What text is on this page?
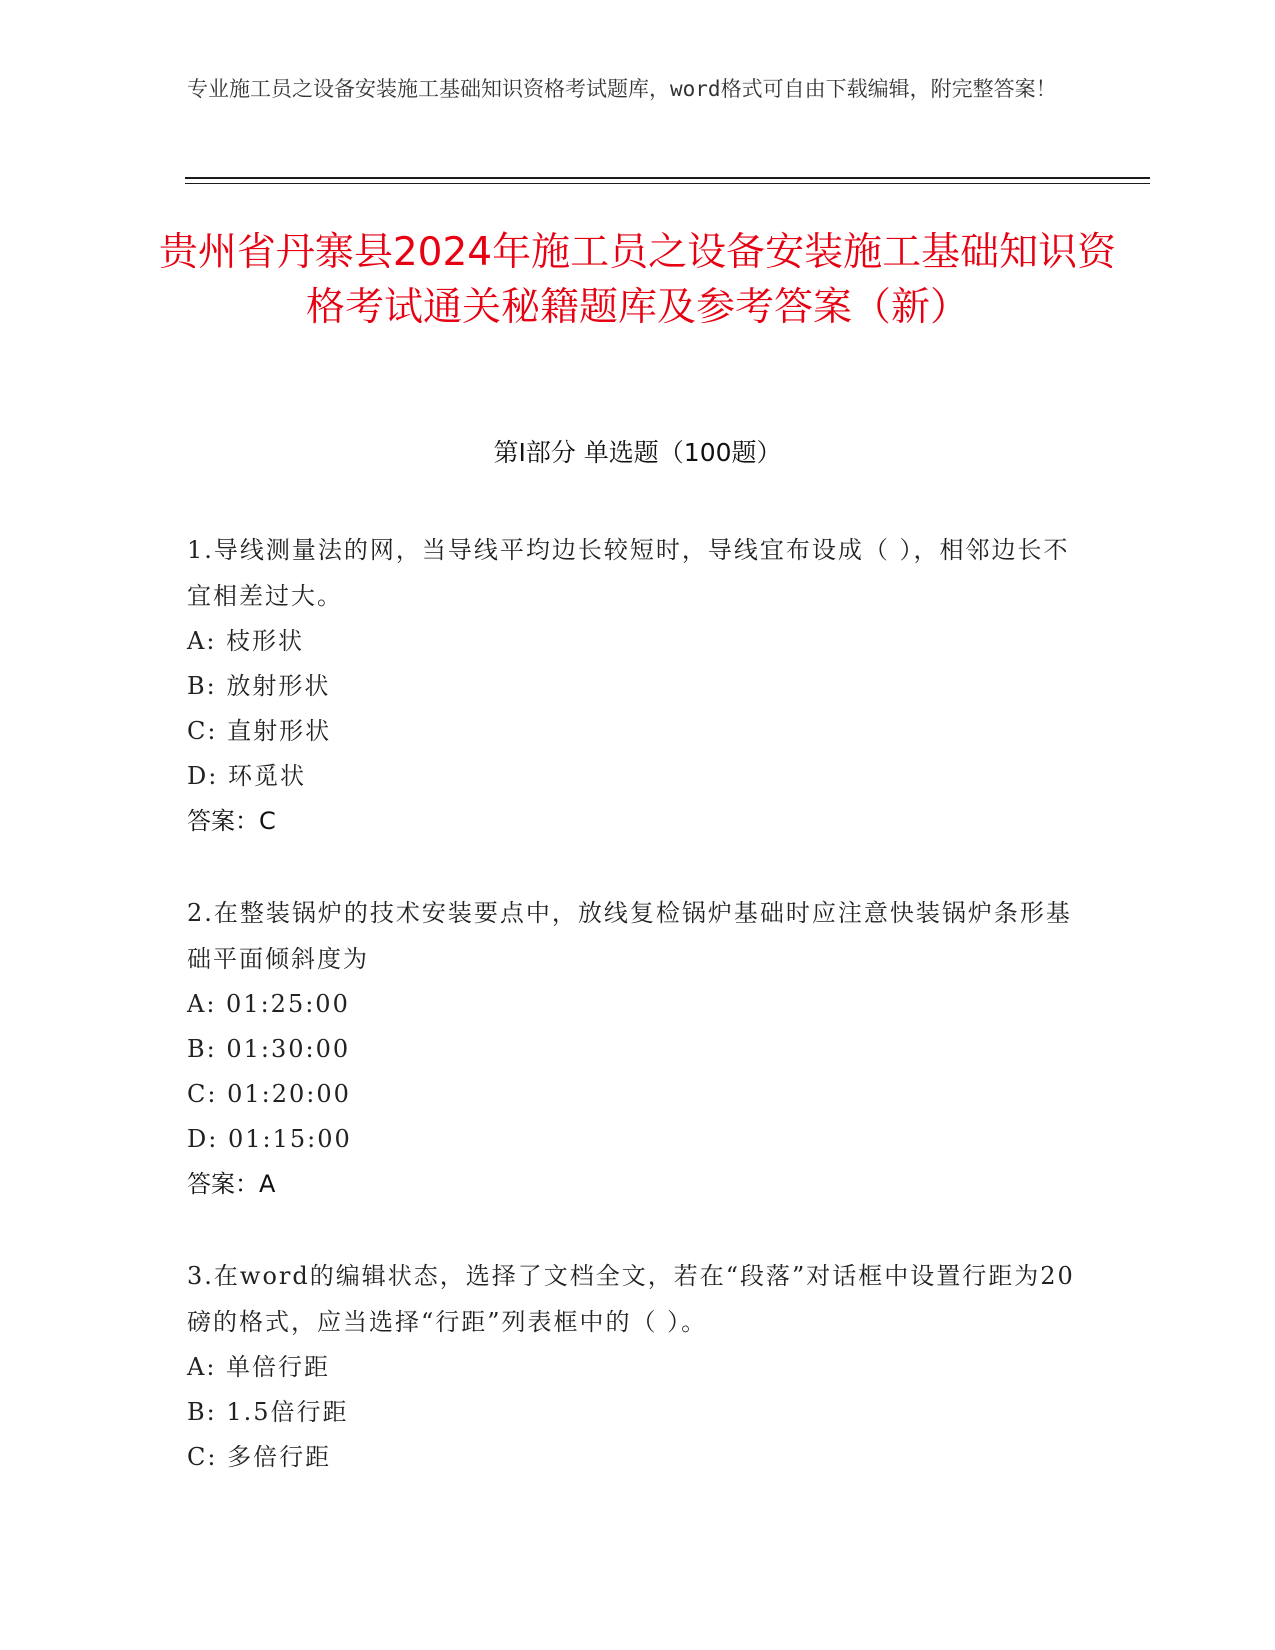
专业施工员之设备安装施工基础知识资格考试题库，word格式可自由下载编辑，附完整答案！
贵州省丹寨县2024年施工员之设备安装施工基础知识资格考试通关秘籍题库及参考答案（新）
第I部分 单选题（100题）
1.导线测量法的网，当导线平均边长较短时，导线宜布设成（ ），相邻边长不宜相差过大。
A: 枝形状
B: 放射形状
C: 直射形状
D: 环觅状
答案：C
2.在整装锅炉的技术安装要点中，放线复检锅炉基础时应注意快装锅炉条形基础平面倾斜度为
A: 01:25:00
B: 01:30:00
C: 01:20:00
D: 01:15:00
答案：A
3.在word的编辑状态，选择了文档全文，若在“段落”对话框中设置行距为20磅的格式，应当选择“行距”列表框中的（ ）。
A: 单倍行距
B: 1.5倍行距
C: 多倍行距
